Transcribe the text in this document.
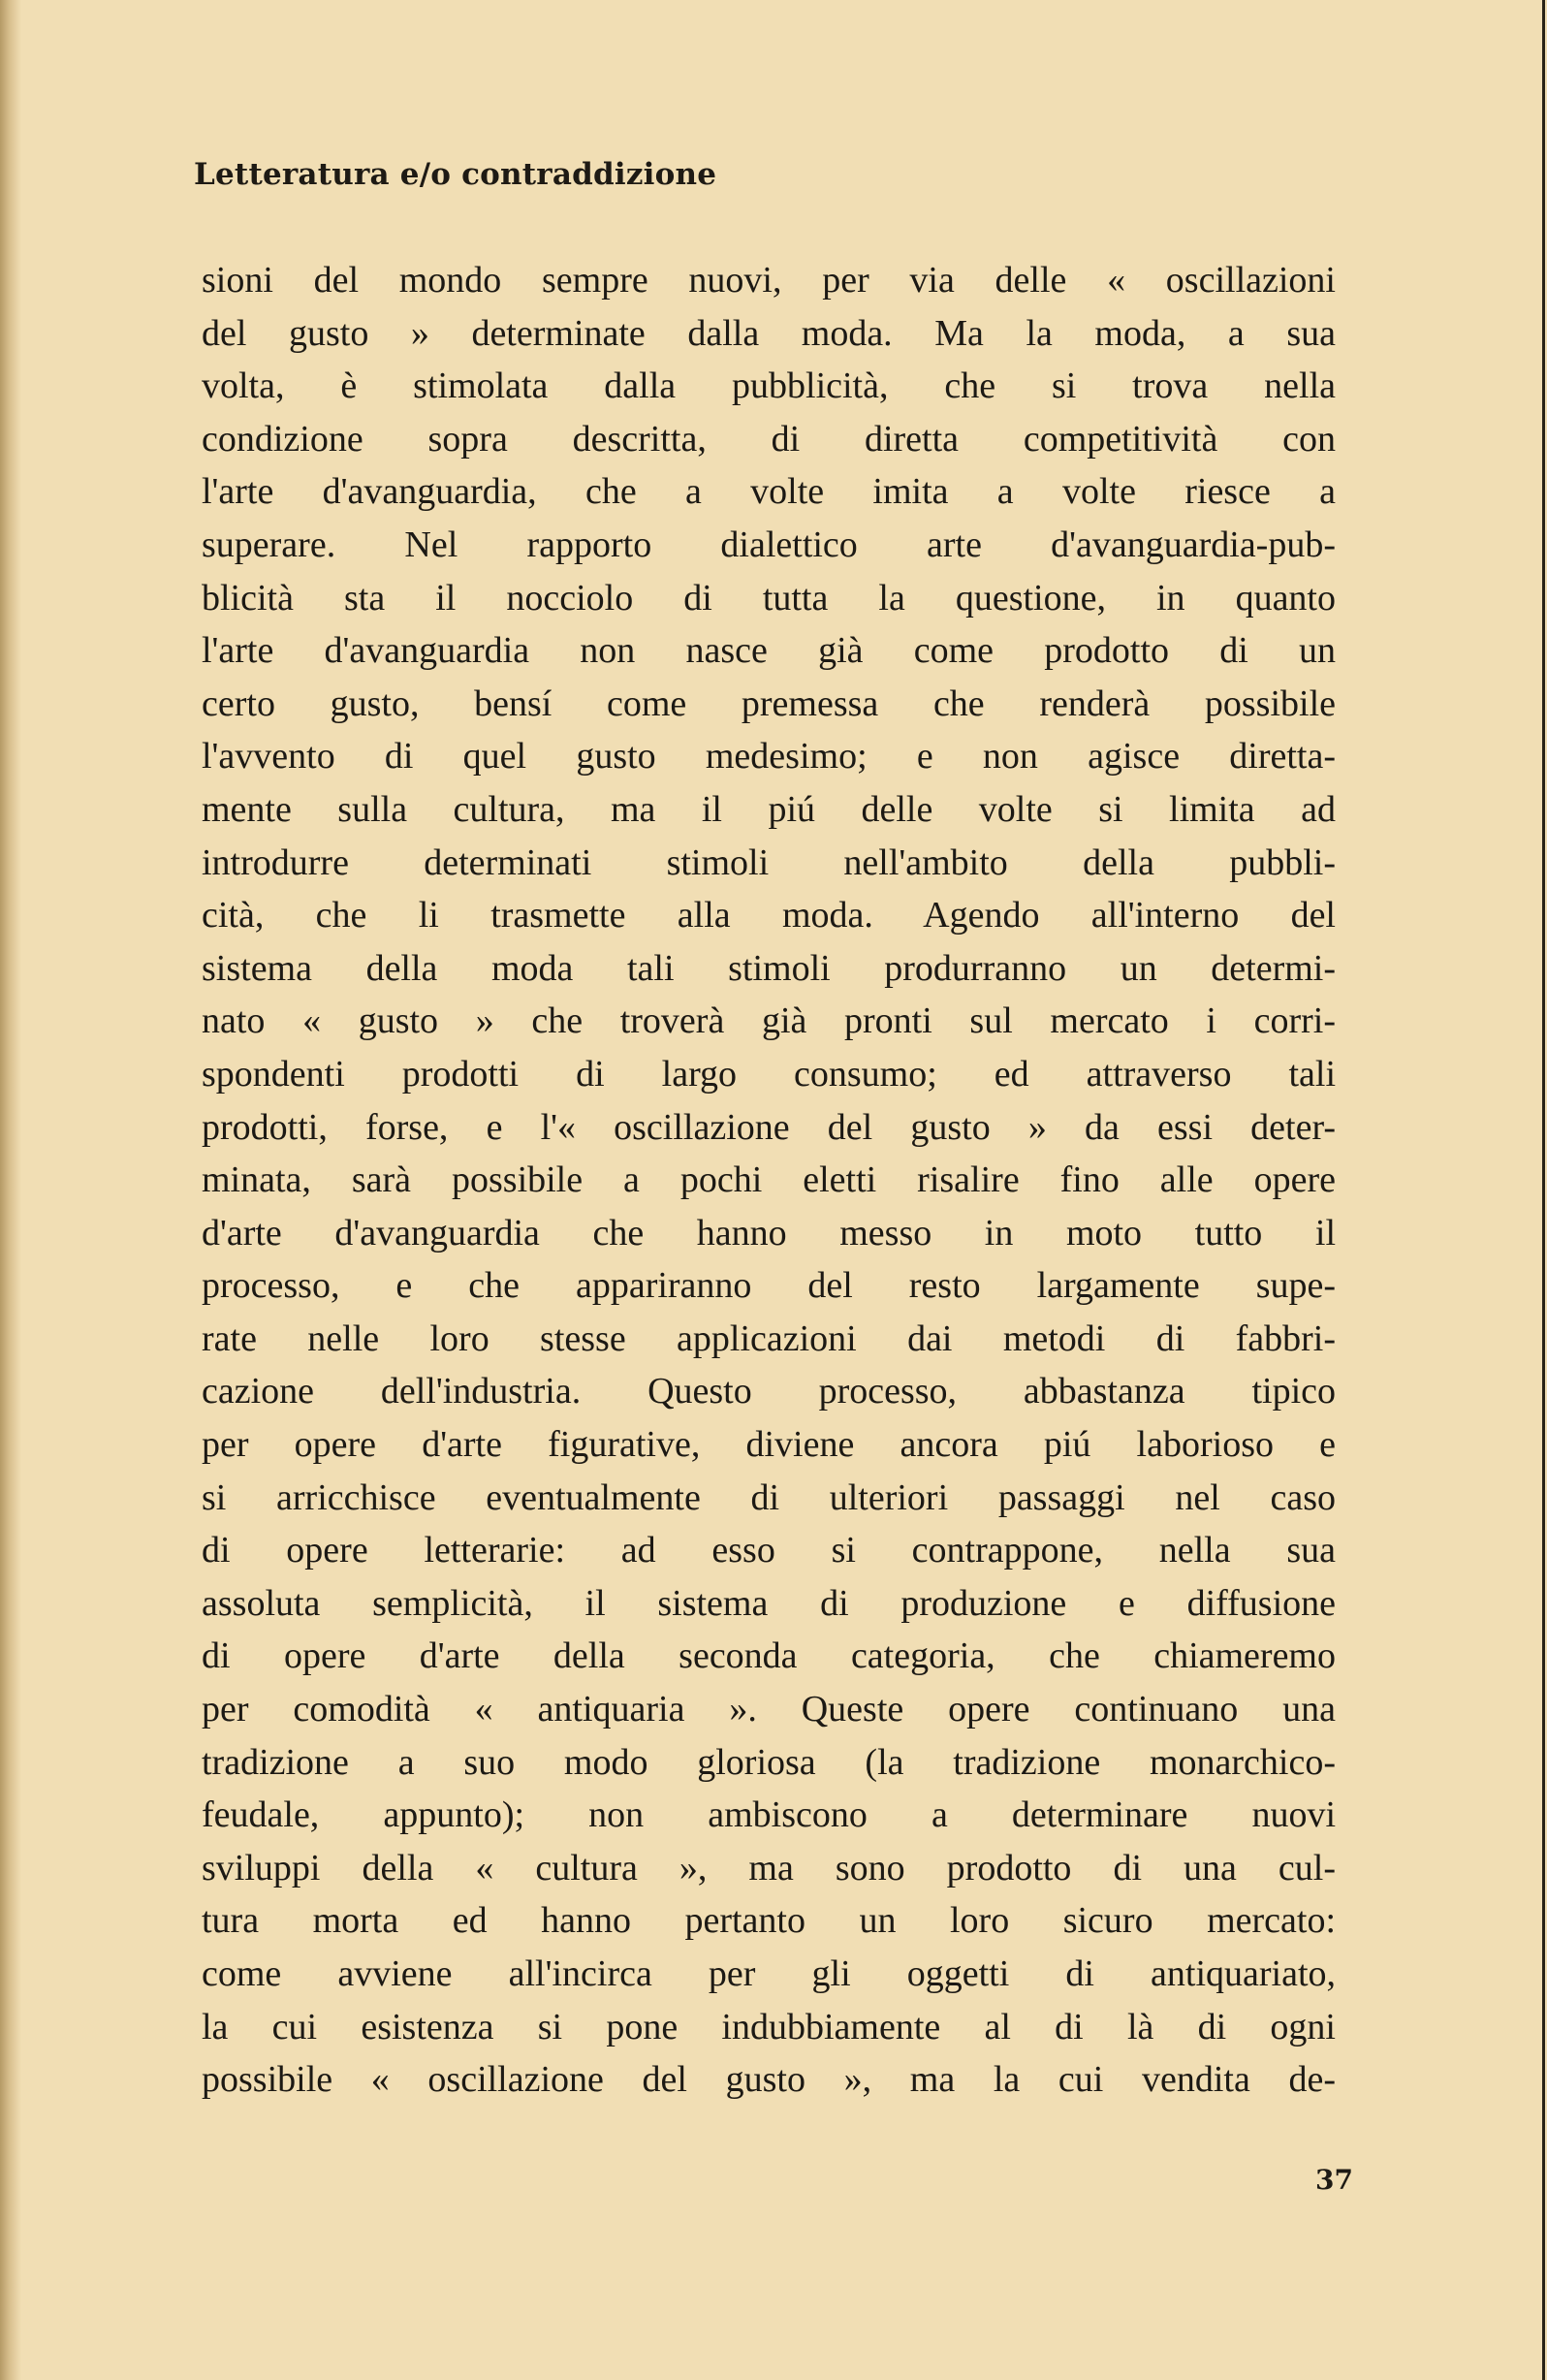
Letteratura e/o contraddizione
sioni del mondo sempre nuovi, per via delle « oscillazioni
del gusto » determinate dalla moda. Ma la moda, a sua
volta, è stimolata dalla pubblicità, che si trova nella
condizione sopra descritta, di diretta competitività con
l'arte d'avanguardia, che a volte imita a volte riesce a
superare. Nel rapporto dialettico arte d'avanguardia-pub-
blicità sta il nocciolo di tutta la questione, in quanto
l'arte d'avanguardia non nasce già come prodotto di un
certo gusto, bensí come premessa che renderà possibile
l'avvento di quel gusto medesimo; e non agisce diretta-
mente sulla cultura, ma il piú delle volte si limita ad
introdurre determinati stimoli nell'ambito della pubbli-
cità, che li trasmette alla moda. Agendo all'interno del
sistema della moda tali stimoli produrranno un determi-
nato « gusto » che troverà già pronti sul mercato i corri-
spondenti prodotti di largo consumo; ed attraverso tali
prodotti, forse, e l'« oscillazione del gusto » da essi deter-
minata, sarà possibile a pochi eletti risalire fino alle opere
d'arte d'avanguardia che hanno messo in moto tutto il
processo, e che appariranno del resto largamente supe-
rate nelle loro stesse applicazioni dai metodi di fabbri-
cazione dell'industria. Questo processo, abbastanza tipico
per opere d'arte figurative, diviene ancora piú laborioso e
si arricchisce eventualmente di ulteriori passaggi nel caso
di opere letterarie: ad esso si contrappone, nella sua
assoluta semplicità, il sistema di produzione e diffusione
di opere d'arte della seconda categoria, che chiameremo
per comodità « antiquaria ». Queste opere continuano una
tradizione a suo modo gloriosa (la tradizione monarchico-
feudale, appunto); non ambiscono a determinare nuovi
sviluppi della « cultura », ma sono prodotto di una cul-
tura morta ed hanno pertanto un loro sicuro mercato:
come avviene all'incirca per gli oggetti di antiquariato,
la cui esistenza si pone indubbiamente al di là di ogni
possibile « oscillazione del gusto », ma la cui vendita de-
37
